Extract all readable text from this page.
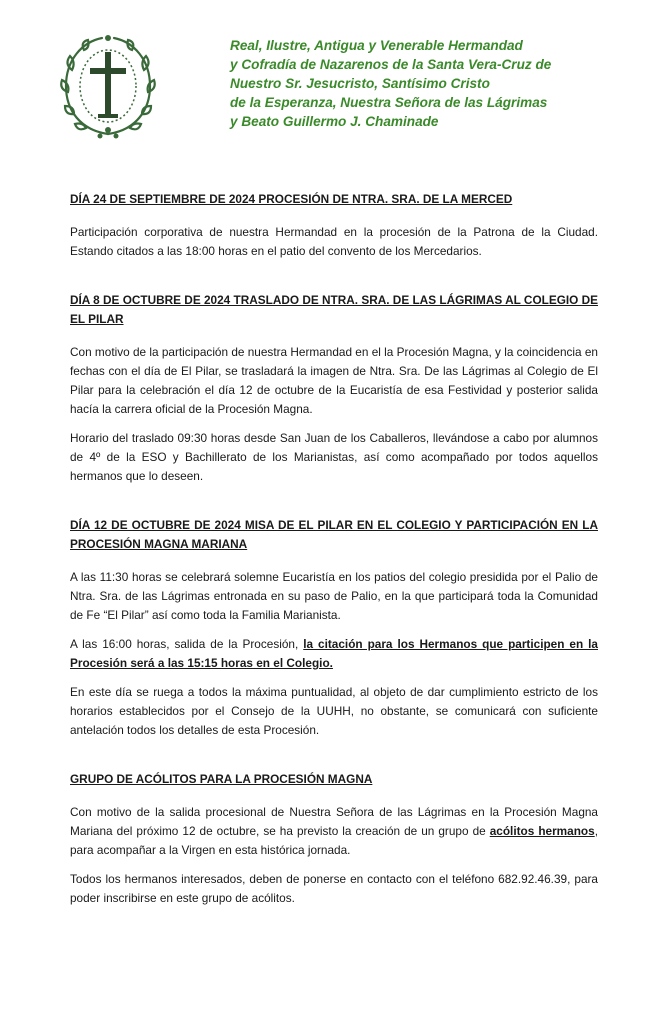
Real, Ilustre, Antigua y Venerable Hermandad
y Cofradía de Nazarenos de la Santa Vera-Cruz de
Nuestro Sr. Jesucristo, Santísimo Cristo
de la Esperanza, Nuestra Señora de las Lágrimas
y Beato Guillermo J. Chaminade

DÍA 24 DE SEPTIEMBRE DE 2024 PROCESIÓN DE NTRA. SRA. DE LA MERCED

Participación corporativa de nuestra Hermandad en la procesión de la Patrona de la Ciudad. Estando citados a las 18:00 horas en el patio del convento de los Mercedarios.

DÍA 8 DE OCTUBRE DE 2024 TRASLADO DE NTRA. SRA. DE LAS LÁGRIMAS AL COLEGIO DE EL PILAR

Con motivo de la participación de nuestra Hermandad en el la Procesión Magna, y la coincidencia en fechas con el día de El Pilar, se trasladará la imagen de Ntra. Sra. De las Lágrimas al Colegio de El Pilar para la celebración el día 12 de octubre de la Eucaristía de esa Festividad y posterior salida hacía la carrera oficial de la Procesión Magna.

Horario del traslado 09:30 horas desde San Juan de los Caballeros, llevándose a cabo por alumnos de 4º de la ESO y Bachillerato de los Marianistas, así como acompañado por todos aquellos hermanos que lo deseen.

DÍA 12 DE OCTUBRE DE 2024 MISA DE EL PILAR EN EL COLEGIO Y PARTICIPACIÓN EN LA PROCESIÓN MAGNA MARIANA

A las 11:30 horas se celebrará solemne Eucaristía en los patios del colegio presidida por el Palio de Ntra. Sra. de las Lágrimas entronada en su paso de Palio, en la que participará toda la Comunidad de Fe “El Pilar” así como toda la Familia Marianista.

A las 16:00 horas, salida de la Procesión, la citación para los Hermanos que participen en la Procesión será a las 15:15 horas en el Colegio.

En este día se ruega a todos la máxima puntualidad, al objeto de dar cumplimiento estricto de los horarios establecidos por el Consejo de la UUHH, no obstante, se comunicará con suficiente antelación todos los detalles de esta Procesión.

GRUPO DE ACÓLITOS PARA LA PROCESIÓN MAGNA

Con motivo de la salida procesional de Nuestra Señora de las Lágrimas en la Procesión Magna Mariana del próximo 12 de octubre, se ha previsto la creación de un grupo de acólitos hermanos, para acompañar a la Virgen en esta histórica jornada.

Todos los hermanos interesados, deben de ponerse en contacto con el teléfono 682.92.46.39, para poder inscribirse en este grupo de acólitos.
